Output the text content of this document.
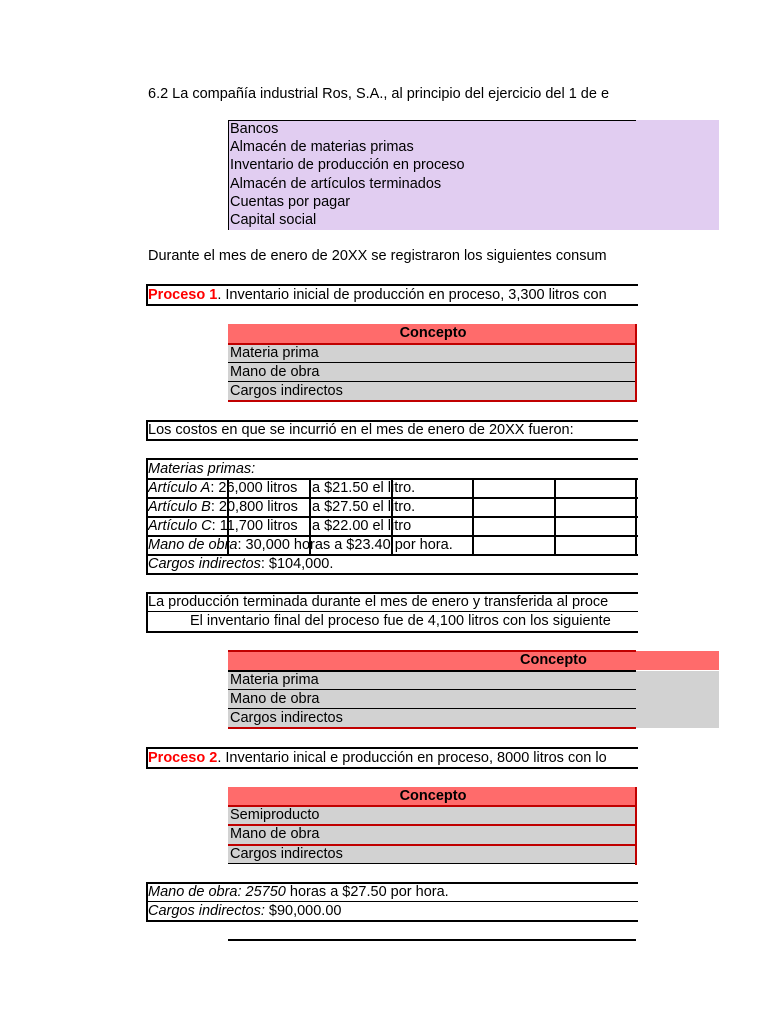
6.2 La compañía industrial Ros, S.A., al principio del ejercicio del 1 de e
Bancos
Almacén de materias primas
Inventario de producción en proceso
Almacén de artículos terminados
Cuentas por pagar
Capital social
Durante el mes de enero de 20XX se registraron los siguientes consum
Proceso 1. Inventario inicial de producción en proceso, 3,300 litros con
Concepto
Materia prima
Mano de obra
Cargos indirectos
Los costos en que se incurrió en el mes de enero de 20XX fueron:
Materias primas:
Artículo A: 26,000 litros	a $21.50 el litro.
Artículo B: 20,800 litros a $27.50 el litro.
Artículo C: 11,700 litros a $22.00 el litro
Mano de obra: 30,000 horas a $23.40 por hora.
Cargos indirectos: $104,000.
La producción terminada durante el mes de enero y transferida al proce
El inventario final del proceso fue de 4,100 litros con los siguiente
Concepto
Materia prima
Mano de obra
Cargos indirectos
Proceso 2. Inventario inical e producción en proceso, 8000 litros con lo
Concepto
Semiproducto
Mano de obra
Cargos indirectos
Mano de obra: 25750 horas a $27.50 por hora.
Cargos indirectos: $90,000.00
